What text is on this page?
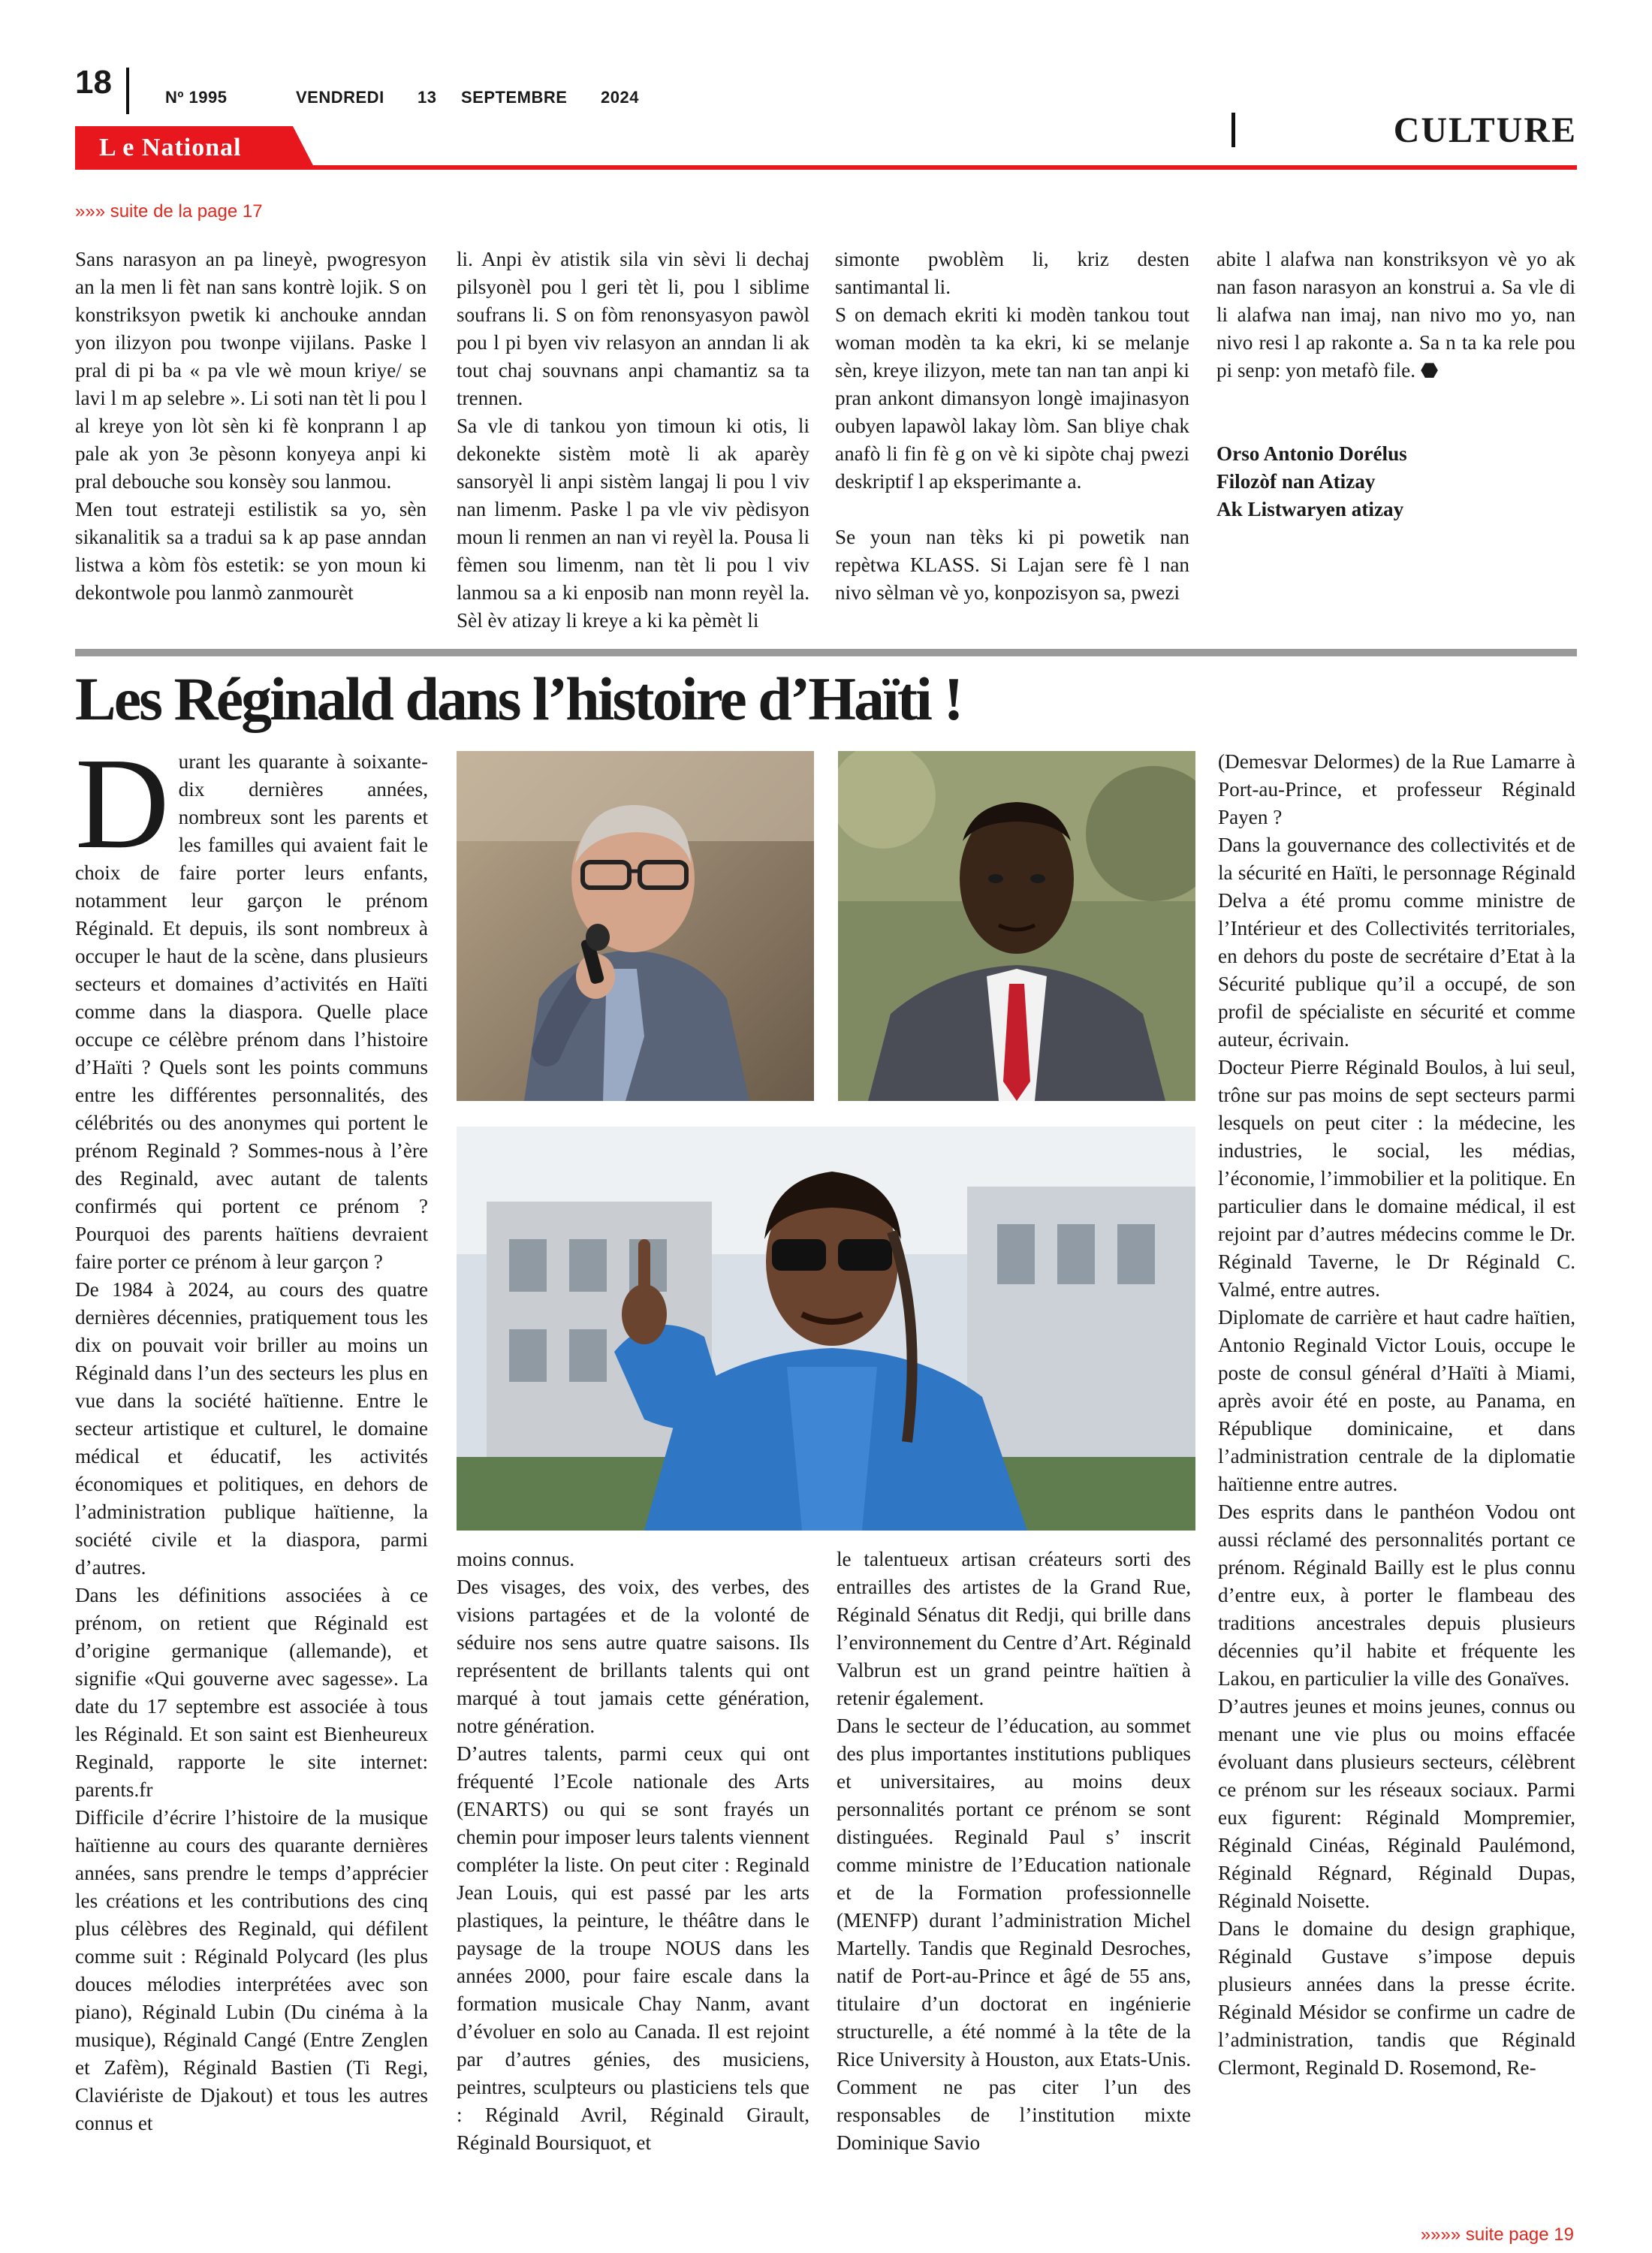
18	Nº 1995	VENDREDI 13 SEPTEMBRE 2024
L e National	CULTURE
»»» suite de la page 17

Sans narasyon an pa lineyè, pwogresyon an la men li fèt nan sans kontrè lojik. S on konstriksyon pwetik ki anchouke anndan yon ilizyon pou twonpe vijilans. Paske l pral di pi ba « pa vle wè moun kriye/ se lavi l m ap selebre ». Li soti nan tèt li pou l al kreye yon lòt sèn ki fè konprann l ap pale ak yon 3e pèsonn konyeya anpi ki pral debouche sou konsèy sou lanmou.

Men tout estrateji estilistik sa yo, sèn sikanalitik sa a tradui sa k ap pase anndan listwa a kòm fòs estetik: se yon moun ki dekontwole pou lanmò zanmourèt

li. Anpi èv atistik sila vin sèvi li dechaj pilsyonèl pou l geri tèt li, pou l siblime soufrans li. S on fòm renonsyasyon pawòl pou l pi byen viv relasyon an anndan li ak tout chaj souvnans anpi chamantiz sa ta trennen.

Sa vle di tankou yon timoun ki otis, li dekonekte sistèm motè li ak aparèy sansoryèl li anpi sistèm langaj li pou l viv nan limenm. Paske l pa vle viv pèdisyon moun li renmen an nan vi reyèl la. Pousa li fèmen sou limenm, nan tèt li pou l viv lanmou sa a ki enposib nan monn reyèl la. Sèl èv atizay li kreye a ki ka pèmèt li

simonte pwoblèm li, kriz desten santimantal li.

S on demach ekriti ki modèn tankou tout woman modèn ta ka ekri, ki se melanje sèn, kreye ilizyon, mete tan nan tan anpi ki pran ankont dimansyon longè imajinasyon oubyen lapawòl lakay lòm. San bliye chak anafò li fin fè g on vè ki sipòte chaj pwezi deskriptif l ap eksperimante a.

Se youn nan tèks ki pi powetik nan repètwa KLASS. Si Lajan sere fè l nan nivo sèlman vè yo, konpozisyon sa, pwezi

abite l alafwa nan konstriksyon vè yo ak nan fason narasyon an konstrui a. Sa vle di li alafwa nan imaj, nan nivo mo yo, nan nivo resi l ap rakonte a. Sa n ta ka rele pou pi senp: yon metafò file. ⬣

Orso Antonio Dorélus

Filozòf nan Atizay

Ak Listwaryen atizay

Les Réginald dans l’histoire d’Haïti !

Durant les quarante à soixante-dix dernières années, nombreux sont les parents et les familles qui avaient fait le choix de faire porter leurs enfants, notamment leur garçon le prénom Réginald. Et depuis, ils sont nombreux à occuper le haut de la scène, dans plusieurs secteurs et domaines d’activités en Haïti comme dans la diaspora. Quelle place occupe ce célèbre prénom dans l’histoire d’Haïti ? Quels sont les points communs entre les différentes personnalités, des célébrités ou des anonymes qui portent le prénom Reginald ? Sommes-nous à l’ère des Reginald, avec autant de talents confirmés qui portent ce prénom ? Pourquoi des parents haïtiens devraient faire porter ce prénom à leur garçon ?

De 1984 à 2024, au cours des quatre dernières décennies, pratiquement tous les dix on pouvait voir briller au moins un Réginald dans l’un des secteurs les plus en vue dans la société haïtienne. Entre le secteur artistique et culturel, le domaine médical et éducatif, les activités économiques et politiques, en dehors de l’administration publique haïtienne, la société civile et la diaspora, parmi d’autres.

Dans les définitions associées à ce prénom, on retient que Réginald est d’origine germanique (allemande), et signifie «Qui gouverne avec sagesse». La date du 17 septembre est associée à tous les Réginald. Et son saint est Bienheureux Reginald, rapporte le site internet: parents.fr

Difficile d’écrire l’histoire de la musique haïtienne au cours des quarante dernières années, sans prendre le temps d’apprécier les créations et les contributions des cinq plus célèbres des Reginald, qui défilent comme suit : Réginald Polycard (les plus douces mélodies interprétées avec son piano), Réginald Lubin (Du cinéma à la musique), Réginald Cangé (Entre Zenglen et Zafèm), Réginald Bastien (Ti Regi, Claviériste de Djakout) et tous les autres connus et

moins connus.

Des visages, des voix, des verbes, des visions partagées et de la volonté de séduire nos sens autre quatre saisons. Ils représentent de brillants talents qui ont marqué à tout jamais cette génération, notre génération.

D’autres talents, parmi ceux qui ont fréquenté l’Ecole nationale des Arts (ENARTS) ou qui se sont frayés un chemin pour imposer leurs talents viennent compléter la liste. On peut citer : Reginald Jean Louis, qui est passé par les arts plastiques, la peinture, le théâtre dans le paysage de la troupe NOUS dans les années 2000, pour faire escale dans la formation musicale Chay Nanm, avant d’évoluer en solo au Canada. Il est rejoint par d’autres génies, des musiciens, peintres, sculpteurs ou plasticiens tels que : Réginald Avril, Réginald Girault, Réginald Boursiquot, et

le talentueux artisan créateurs sorti des entrailles des artistes de la Grand Rue, Réginald Sénatus dit Redji, qui brille dans l’environnement du Centre d’Art. Réginald Valbrun est un grand peintre haïtien à retenir également.

Dans le secteur de l’éducation, au sommet des plus importantes institutions publiques et universitaires, au moins deux personnalités portant ce prénom se sont distinguées. Reginald Paul s’ inscrit comme ministre de l’Education nationale et de la Formation professionnelle (MENFP) durant l’administration Michel Martelly. Tandis que Reginald Desroches, natif de Port-au-Prince et âgé de 55 ans, titulaire d’un doctorat en ingénierie structurelle, a été nommé à la tête de la Rice University à Houston, aux Etats-Unis. Comment ne pas citer l’un des responsables de l’institution mixte Dominique Savio

(Demesvar Delormes) de la Rue Lamarre à Port-au-Prince, et professeur Réginald Payen ?

Dans la gouvernance des collectivités et de la sécurité en Haïti, le personnage Réginald Delva a été promu comme ministre de l’Intérieur et des Collectivités territoriales, en dehors du poste de secrétaire d’Etat à la Sécurité publique qu’il a occupé, de son profil de spécialiste en sécurité et comme auteur, écrivain.

Docteur Pierre Réginald Boulos, à lui seul, trône sur pas moins de sept secteurs parmi lesquels on peut citer : la médecine, les industries, le social, les médias, l’économie, l’immobilier et la politique. En particulier dans le domaine médical, il est rejoint par d’autres médecins comme le Dr. Réginald Taverne, le Dr Réginald C. Valmé, entre autres.

Diplomate de carrière et haut cadre haïtien, Antonio Reginald Victor Louis, occupe le poste de consul général d’Haïti à Miami, après avoir été en poste, au Panama, en République dominicaine, et dans l’administration centrale de la diplomatie haïtienne entre autres.

Des esprits dans le panthéon Vodou ont aussi réclamé des personnalités portant ce prénom. Réginald Bailly est le plus connu d’entre eux, à porter le flambeau des traditions ancestrales depuis plusieurs décennies qu’il habite et fréquente les Lakou, en particulier la ville des Gonaïves.

D’autres jeunes et moins jeunes, connus ou menant une vie plus ou moins effacée évoluant dans plusieurs secteurs, célèbrent ce prénom sur les réseaux sociaux. Parmi eux figurent: Réginald Mompremier, Réginald Cinéas, Réginald Paulémond, Réginald Régnard, Réginald Dupas, Réginald Noisette.

Dans le domaine du design graphique, Réginald Gustave s’impose depuis plusieurs années dans la presse écrite. Réginald Mésidor se confirme un cadre de l’administration, tandis que Réginald Clermont, Reginald D. Rosemond, Re-

»»»» suite page 19
